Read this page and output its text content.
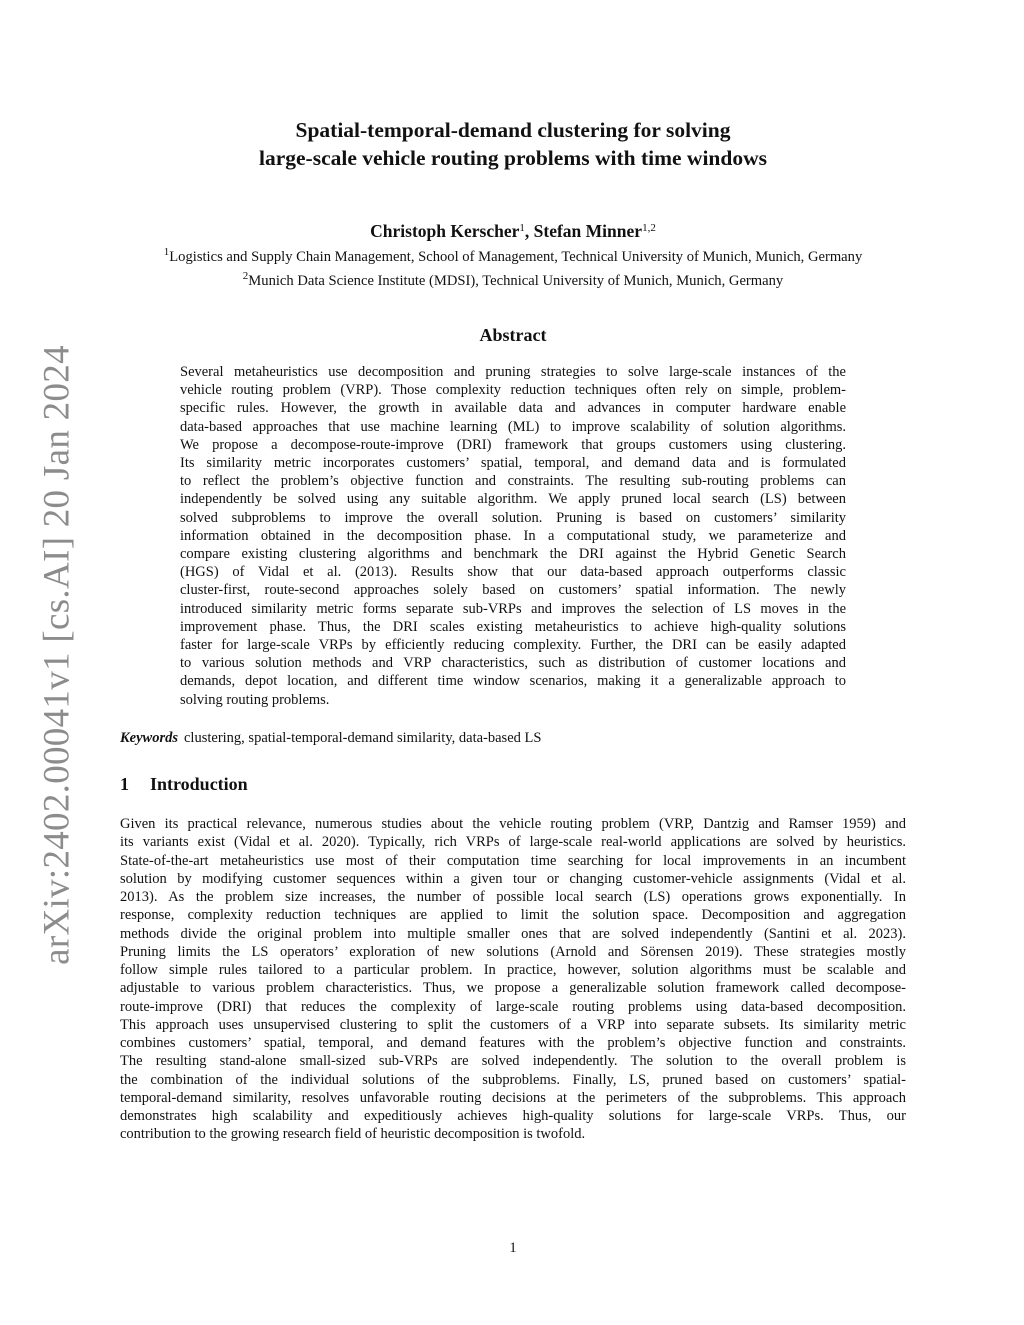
arXiv:2402.00041v1 [cs.AI] 20 Jan 2024
Spatial-temporal-demand clustering for solving
large-scale vehicle routing problems with time windows
Christoph Kerscher$^1$, Stefan Minner$^{1,2}$
$^1$Logistics and Supply Chain Management, School of Management, Technical University of Munich, Munich, Germany
$^2$Munich Data Science Institute (MDSI), Technical University of Munich, Munich, Germany
Abstract
Several metaheuristics use decomposition and pruning strategies to solve large-scale instances of the
vehicle routing problem (VRP). Those complexity reduction techniques often rely on simple, problem-
specific rules. However, the growth in available data and advances in computer hardware enable
data-based approaches that use machine learning (ML) to improve scalability of solution algorithms.
We propose a decompose-route-improve (DRI) framework that groups customers using clustering.
Its similarity metric incorporates customers’ spatial, temporal, and demand data and is formulated
to reflect the problem’s objective function and constraints. The resulting sub-routing problems can
independently be solved using any suitable algorithm. We apply pruned local search (LS) between
solved subproblems to improve the overall solution. Pruning is based on customers’ similarity
information obtained in the decomposition phase. In a computational study, we parameterize and
compare existing clustering algorithms and benchmark the DRI against the Hybrid Genetic Search
(HGS) of Vidal et al. (2013). Results show that our data-based approach outperforms classic
cluster-first, route-second approaches solely based on customers’ spatial information. The newly
introduced similarity metric forms separate sub-VRPs and improves the selection of LS moves in the
improvement phase. Thus, the DRI scales existing metaheuristics to achieve high-quality solutions
faster for large-scale VRPs by efficiently reducing complexity. Further, the DRI can be easily adapted
to various solution methods and VRP characteristics, such as distribution of customer locations and
demands, depot location, and different time window scenarios, making it a generalizable approach to
solving routing problems.
Keywords clustering, spatial-temporal-demand similarity, data-based LS
1 Introduction
Given its practical relevance, numerous studies about the vehicle routing problem (VRP, Dantzig and Ramser 1959) and
its variants exist (Vidal et al. 2020). Typically, rich VRPs of large-scale real-world applications are solved by heuristics.
State-of-the-art metaheuristics use most of their computation time searching for local improvements in an incumbent
solution by modifying customer sequences within a given tour or changing customer-vehicle assignments (Vidal et al.
2013). As the problem size increases, the number of possible local search (LS) operations grows exponentially. In
response, complexity reduction techniques are applied to limit the solution space. Decomposition and aggregation
methods divide the original problem into multiple smaller ones that are solved independently (Santini et al. 2023).
Pruning limits the LS operators’ exploration of new solutions (Arnold and Sörensen 2019). These strategies mostly
follow simple rules tailored to a particular problem. In practice, however, solution algorithms must be scalable and
adjustable to various problem characteristics. Thus, we propose a generalizable solution framework called decompose-
route-improve (DRI) that reduces the complexity of large-scale routing problems using data-based decomposition.
This approach uses unsupervised clustering to split the customers of a VRP into separate subsets. Its similarity metric
combines customers’ spatial, temporal, and demand features with the problem’s objective function and constraints.
The resulting stand-alone small-sized sub-VRPs are solved independently. The solution to the overall problem is
the combination of the individual solutions of the subproblems. Finally, LS, pruned based on customers’ spatial-
temporal-demand similarity, resolves unfavorable routing decisions at the perimeters of the subproblems. This approach
demonstrates high scalability and expeditiously achieves high-quality solutions for large-scale VRPs. Thus, our
contribution to the growing research field of heuristic decomposition is twofold.
1
